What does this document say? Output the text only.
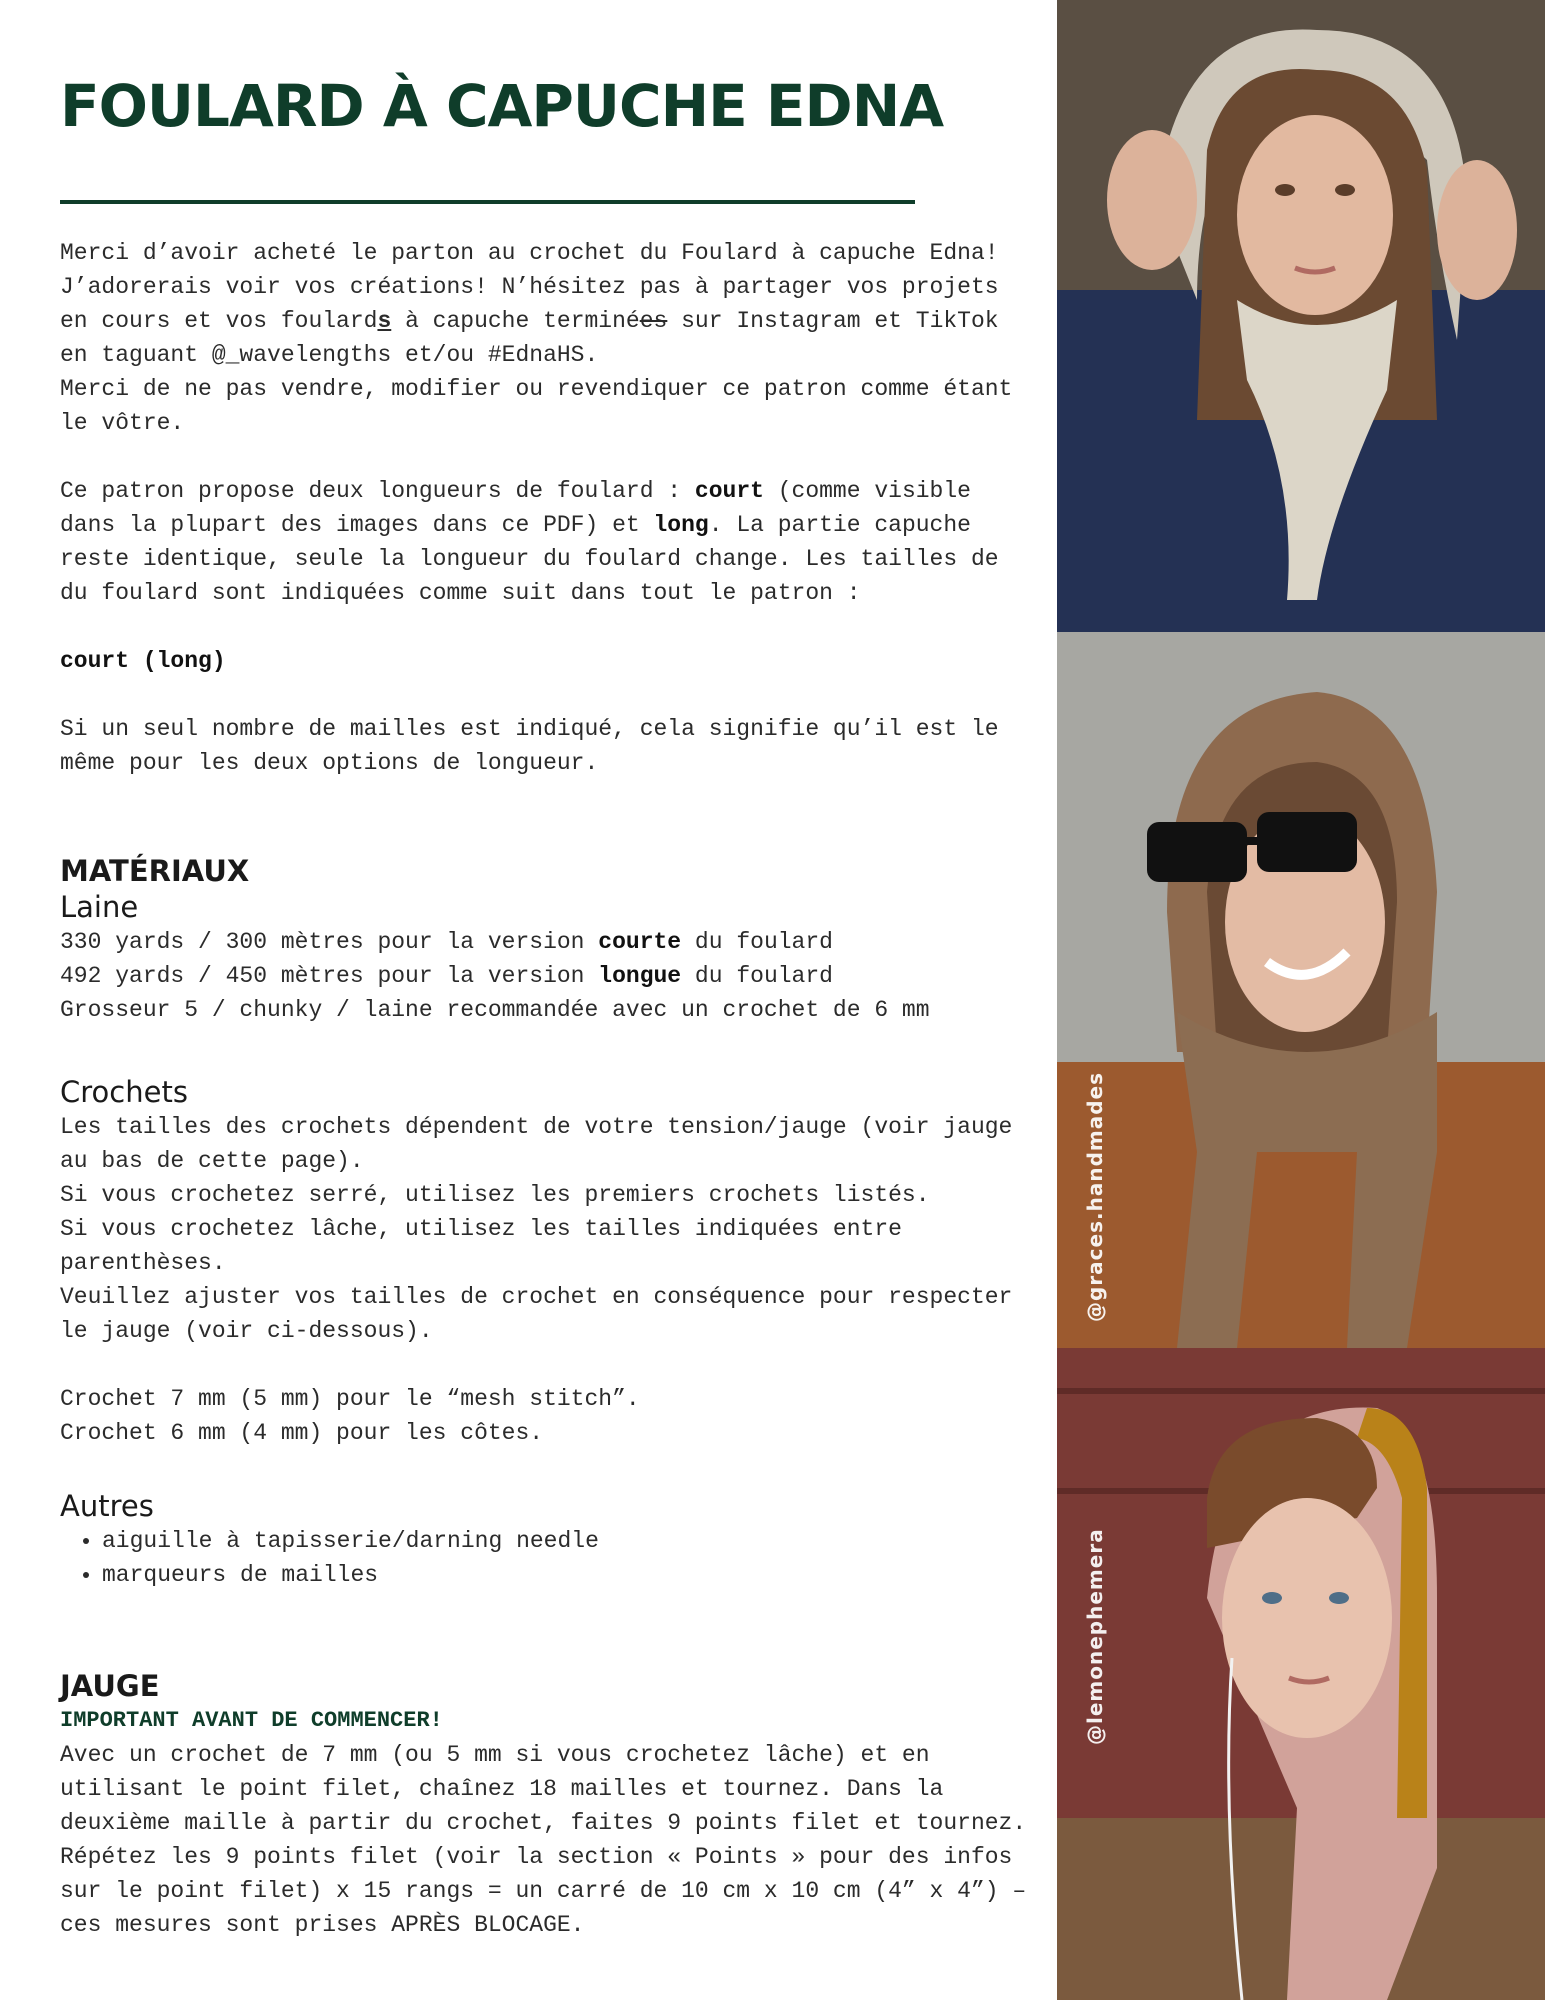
FOULARD À CAPUCHE EDNA

Merci d’avoir acheté le parton au crochet du Foulard à capuche Edna!
J’adorerais voir vos créations! N’hésitez pas à partager vos projets
en cours et vos foulards à capuche terminées sur Instagram et TikTok
en taguant @_wavelengths et/ou #EdnaHS.
Merci de ne pas vendre, modifier ou revendiquer ce patron comme étant
le vôtre.

Ce patron propose deux longueurs de foulard : court (comme visible
dans la plupart des images dans ce PDF) et long. La partie capuche
reste identique, seule la longueur du foulard change. Les tailles de
du foulard sont indiquées comme suit dans tout le patron :

court (long)

Si un seul nombre de mailles est indiqué, cela signifie qu’il est le
même pour les deux options de longueur.

MATÉRIAUX
Laine

330 yards / 300 mètres pour la version courte du foulard

492 yards / 450 mètres pour la version longue du foulard

Grosseur 5 / chunky / laine recommandée avec un crochet de 6 mm

Crochets

Les tailles des crochets dépendent de votre tension/jauge (voir jauge
au bas de cette page).
Si vous crochetez serré, utilisez les premiers crochets listés.
Si vous crochetez lâche, utilisez les tailles indiquées entre
parenthèses.
Veuillez ajuster vos tailles de crochet en conséquence pour respecter
le jauge (voir ci-dessous).

Crochet 7 mm (5 mm) pour le “mesh stitch”.

Crochet 6 mm (4 mm) pour les côtes.

Autres
• aiguille à tapisserie/darning needle
• marqueurs de mailles
JAUGE
IMPORTANT AVANT DE COMMENCER!

Avec un crochet de 7 mm (ou 5 mm si vous crochetez lâche) et en
utilisant le point filet, chaînez 18 mailles et tournez. Dans la
deuxième maille à partir du crochet, faites 9 points filet et tournez.
Répétez les 9 points filet (voir la section « Points » pour des infos
sur le point filet) x 15 rangs = un carré de 10 cm x 10 cm (4” x 4”) –
ces mesures sont prises APRÈS BLOCAGE.

@graces.handmades
@lemonephemera
